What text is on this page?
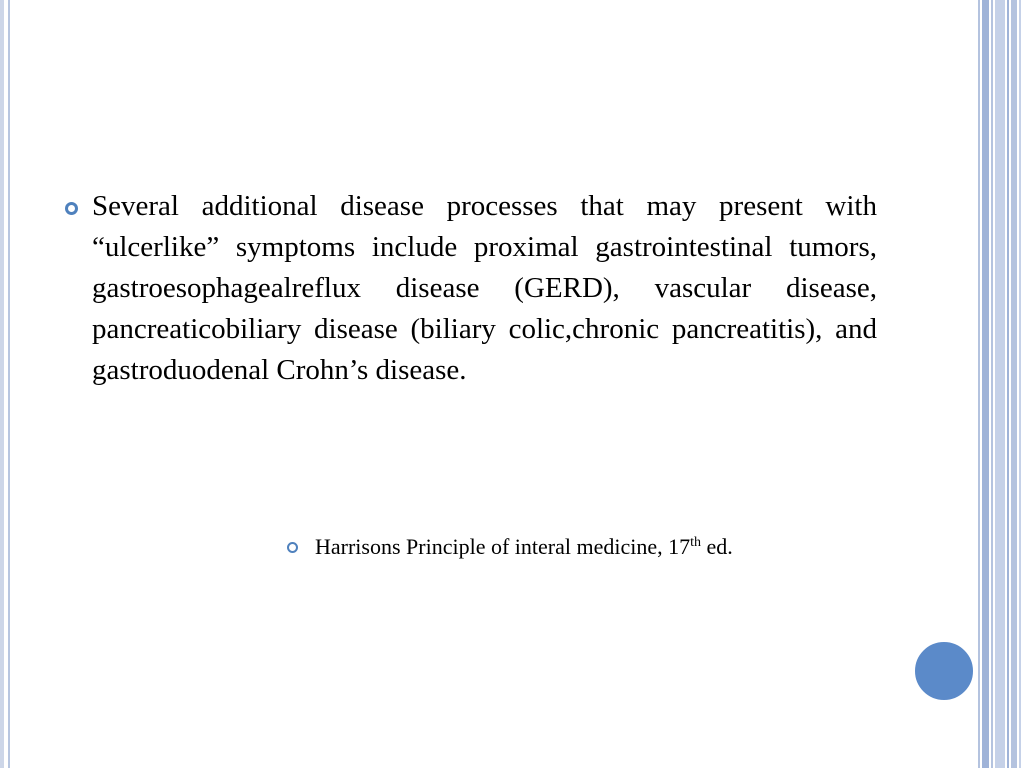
Several additional disease processes that may present with “ulcerlike” symptoms include proximal gastrointestinal tumors, gastroesophagealreflux disease (GERD), vascular disease, pancreaticobiliary disease (biliary colic,chronic pancreatitis), and gastroduodenal Crohn’s disease.
Harrisons Principle of interal medicine, 17th ed.
